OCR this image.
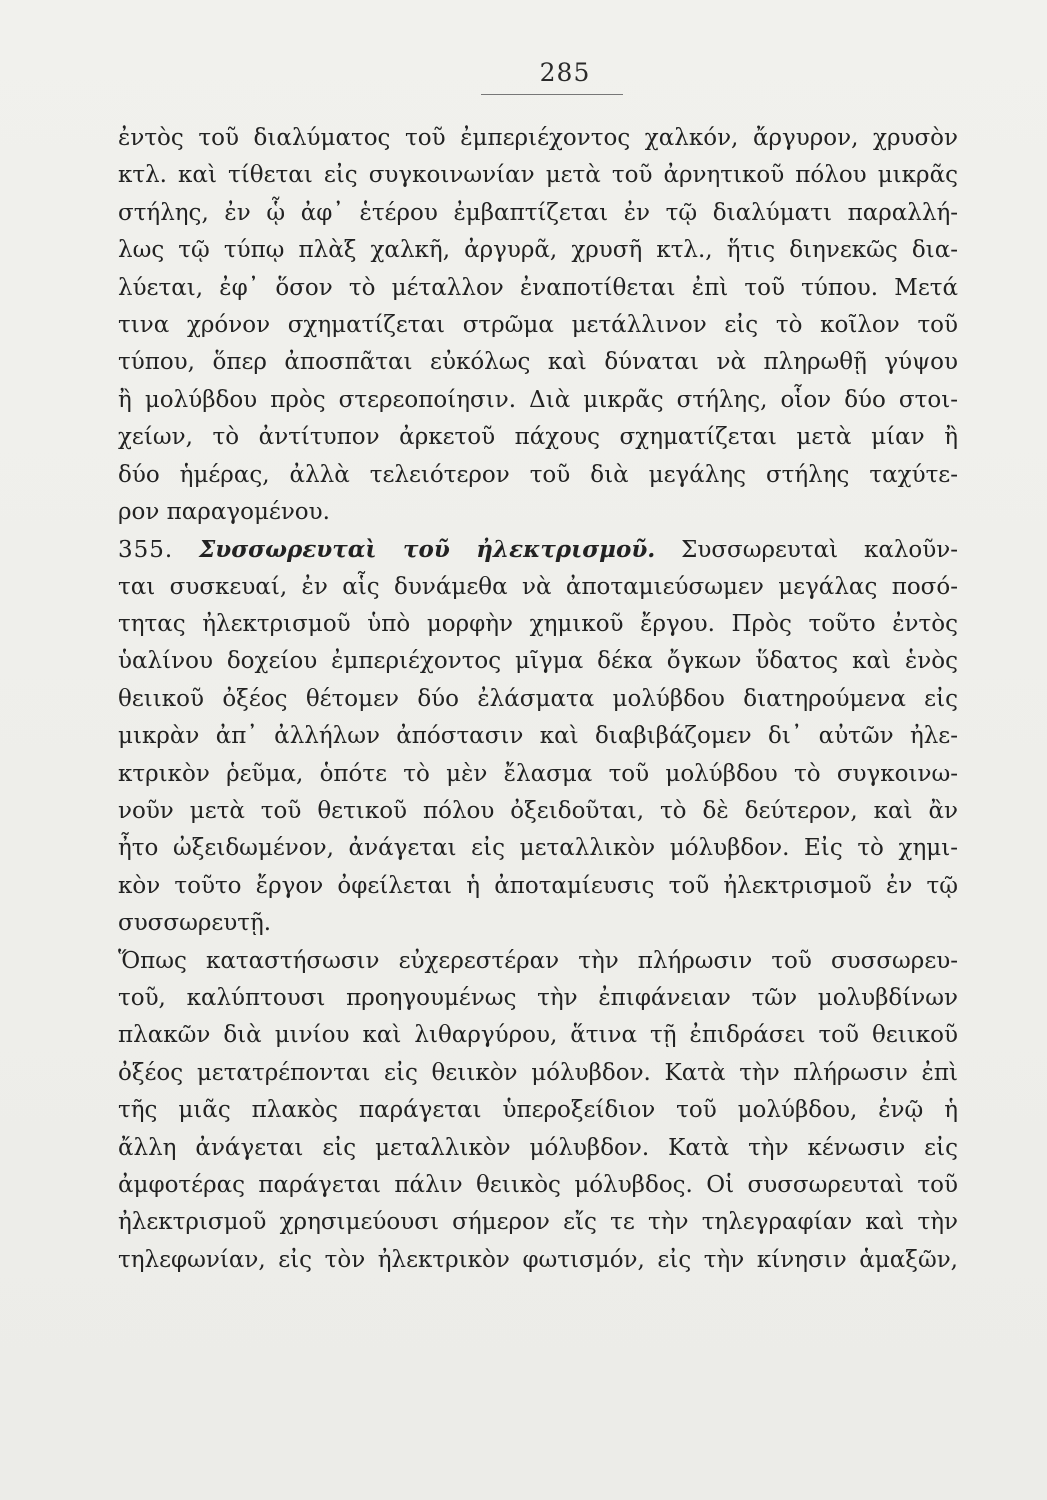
285
ἐντὸς τοῦ διαλύματος τοῦ ἐμπεριέχοντος χαλκόν, ἄργυρον, χρυσὸν
κτλ. καὶ τίθεται εἰς συγκοινωνίαν μετὰ τοῦ ἀρνητικοῦ πόλου μικρᾶς
στήλης, ἐν ᾧ ἀφ᾽ ἑτέρου ἐμβαπτίζεται ἐν τῷ διαλύματι παραλλή-
λως τῷ τύπῳ πλὰξ χαλκῆ, ἀργυρᾶ, χρυσῆ κτλ., ἥτις διηνεκῶς δια-
λύεται, ἐφ᾽ ὅσον τὸ μέταλλον ἐναποτίθεται ἐπὶ τοῦ τύπου. Μετά
τινα χρόνον σχηματίζεται στρῶμα μετάλλινον εἰς τὸ κοῖλον τοῦ
τύπου, ὅπερ ἀποσπᾶται εὐκόλως καὶ δύναται νὰ πληρωθῇ γύψου
ἢ μολύβδου πρὸς στερεοποίησιν. Διὰ μικρᾶς στήλης, οἷον δύο στοι-
χείων, τὸ ἀντίτυπον ἀρκετοῦ πάχους σχηματίζεται μετὰ μίαν ἢ
δύο ἡμέρας, ἀλλὰ τελειότερον τοῦ διὰ μεγάλης στήλης ταχύτε-
ρον παραγομένου.
355. Συσσωρευταὶ τοῦ ἠλεκτρισμοῦ. Συσσωρευταὶ καλοῦν-
ται συσκευαί, ἐν αἷς δυνάμεθα νὰ ἀποταμιεύσωμεν μεγάλας ποσό-
τητας ἠλεκτρισμοῦ ὑπὸ μορφὴν χημικοῦ ἔργου. Πρὸς τοῦτο ἐντὸς
ὑαλίνου δοχείου ἐμπεριέχοντος μῖγμα δέκα ὄγκων ὕδατος καὶ ἑνὸς
θειικοῦ ὀξέος θέτομεν δύο ἐλάσματα μολύβδου διατηρούμενα εἰς
μικρὰν ἀπ᾽ ἀλλήλων ἀπόστασιν καὶ διαβιβάζομεν δι᾽ αὐτῶν ἠλε-
κτρικὸν ῥεῦμα, ὁπότε τὸ μὲν ἔλασμα τοῦ μολύβδου τὸ συγκοινω-
νοῦν μετὰ τοῦ θετικοῦ πόλου ὀξειδοῦται, τὸ δὲ δεύτερον, καὶ ἂν
ἦτο ὠξειδωμένον, ἀνάγεται εἰς μεταλλικὸν μόλυβδον. Εἰς τὸ χημι-
κὸν τοῦτο ἔργον ὀφείλεται ἡ ἀποταμίευσις τοῦ ἠλεκτρισμοῦ ἐν τῷ
συσσωρευτῇ.
Ὅπως καταστήσωσιν εὐχερεστέραν τὴν πλήρωσιν τοῦ συσσωρευ-
τοῦ, καλύπτουσι προηγουμένως τὴν ἐπιφάνειαν τῶν μολυβδίνων
πλακῶν διὰ μινίου καὶ λιθαργύρου, ἅτινα τῇ ἐπιδράσει τοῦ θειικοῦ
ὀξέος μετατρέπονται εἰς θειικὸν μόλυβδον. Κατὰ τὴν πλήρωσιν ἐπὶ
τῆς μιᾶς πλακὸς παράγεται ὑπεροξείδιον τοῦ μολύβδου, ἐνῷ ἡ
ἄλλη ἀνάγεται εἰς μεταλλικὸν μόλυβδον. Κατὰ τὴν κένωσιν εἰς
ἀμφοτέρας παράγεται πάλιν θειικὸς μόλυβδος. Οἱ συσσωρευταὶ τοῦ
ἠλεκτρισμοῦ χρησιμεύουσι σήμερον εἴς τε τὴν τηλεγραφίαν καὶ τὴν
τηλεφωνίαν, εἰς τὸν ἠλεκτρικὸν φωτισμόν, εἰς τὴν κίνησιν ἁμαξῶν,
